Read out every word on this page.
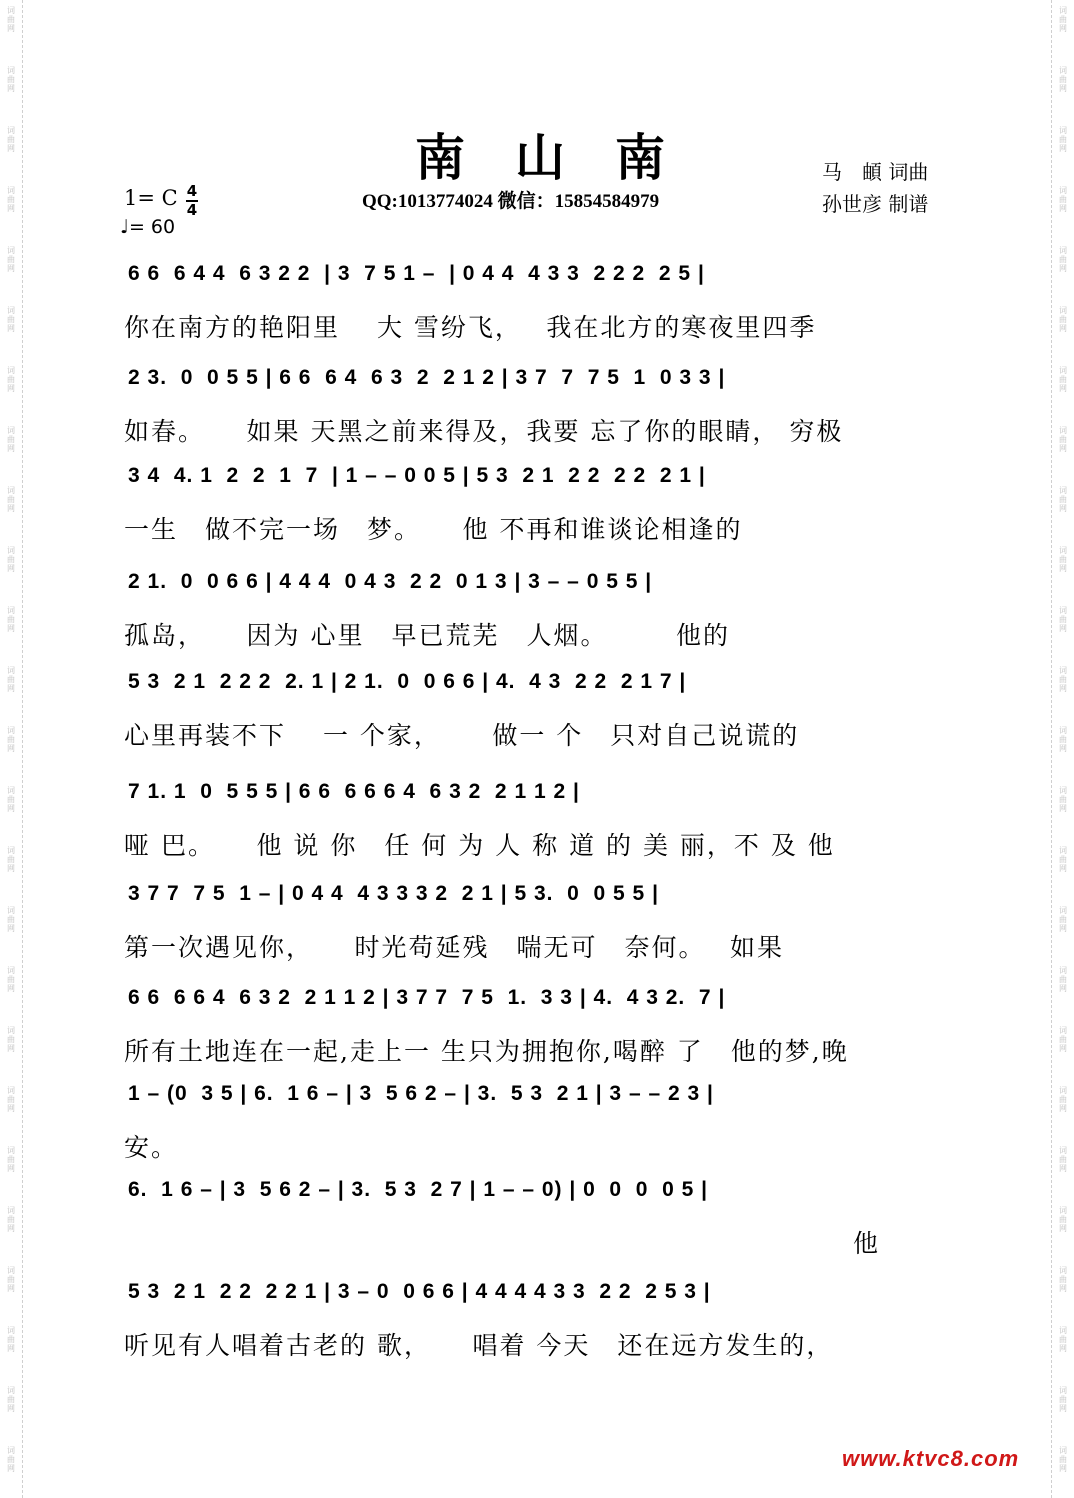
词
曲
网
词
曲
网
词
曲
网
词
曲
网
词
曲
网
词
曲
网
词
曲
网
词
曲
网
词
曲
网
词
曲
网
词
曲
网
词
曲
网
词
曲
网
词
曲
网
词
曲
网
词
曲
网
词
曲
网
词
曲
网
词
曲
网
词
曲
网
词
曲
网
词
曲
网
词
曲
网
词
曲
网
词
曲
网
词
曲
网
词
曲
网
词
曲
网
词
曲
网
词
曲
网
词
曲
网
词
曲
网
词
曲
网
词
曲
网
词
曲
网
词
曲
网
词
曲
网
词
曲
网
词
曲
网
词
曲
网
词
曲
网
词
曲
网
词
曲
网
词
曲
网
词
曲
网
词
曲
网
词
曲
网
词
曲
网
词
曲
网
词
曲
网
南　山　南	马　頔 词曲
孙世彦 制谱
1= C 4
4
♩= 60
QQ:1013774024 微信：15854584979
6 6  6 4 4  6 3 2 2  | 3  7 5 1 –  | 0 4 4  4 3 3  2 2 2  2 5 |
你在南方的艳阳里　 大 雪纷飞，　 我在北方的寒夜里四季
2 3.  0  0 5 5 | 6 6  6 4  6 3  2  2 1 2 | 3 7  7  7 5  1  0 3 3 |
如春。　　如果 天黑之前来得及，我要 忘了你的眼睛， 穷极
3 4  4. 1  2  2  1  7  | 1 – – 0 0 5 | 5 3  2 1  2 2  2 2  2 1 |
一生　做不完一场　梦。　　他 不再和谁谈论相逢的
2 1.  0  0 6 6 | 4 4 4  0 4 3  2 2  0 1 3 | 3 – – 0 5 5 |
孤岛，　　因为 心里　早已荒芜　人烟。　　　他的
5 3  2 1  2 2 2  2. 1 | 2 1.  0  0 6 6 | 4.  4 3  2 2  2 1 7 |
心里再装不下　 一 个家，　　 做一 个　只对自己说谎的
7 1. 1  0  5 5 5 | 6 6  6 6 6 4  6 3 2  2 1 1 2 |
哑 巴。　　他 说 你　任 何 为 人 称 道 的 美 丽，不 及 他
3 7 7  7 5  1 – | 0 4 4  4 3 3 3 2  2 1 | 5 3.  0  0 5 5 |
第一次遇见你，　　时光苟延残　喘无可　奈何。　 如果
6 6  6 6 4  6 3 2  2 1 1 2 | 3 7 7  7 5  1.  3 3 | 4.  4 3 2.  7 |
所有土地连在一起,走上一 生只为拥抱你,喝醉 了　他的梦,晚
1 – (0  3 5 | 6.  1 6 – | 3  5 6 2 – | 3.  5 3  2 1 | 3 – – 2 3 |
安。
6.  1 6 – | 3  5 6 2 – | 3.  5 3  2 7 | 1 – – 0) | 0  0  0  0 5 |
　　　　　　　　　　　　　　　　　　　　　　　　　　　他
5 3  2 1  2 2  2 2 1 | 3 – 0  0 6 6 | 4 4 4 4 3 3  2 2  2 5 3 |
听见有人唱着古老的 歌，　　唱着 今天　还在远方发生的，
www.ktvc8.com
